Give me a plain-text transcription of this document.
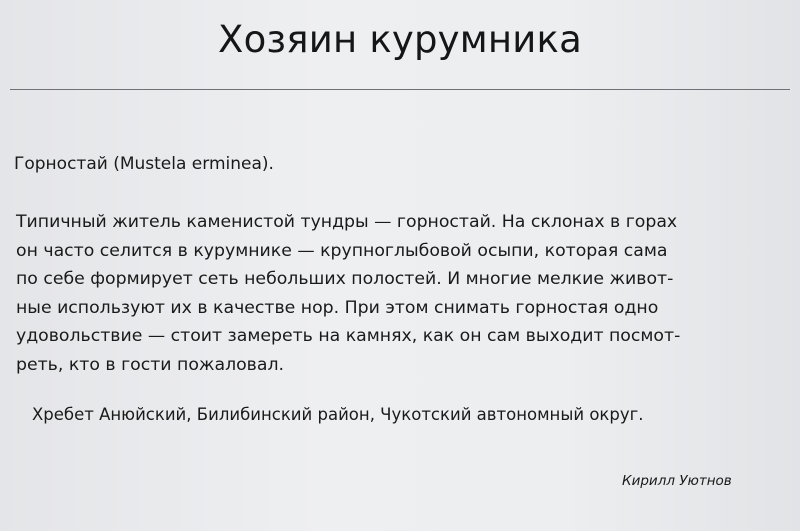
Хозяин курумника

Горностай (Mustela erminea).

Типичный житель каменистой тундры — горностай. На склонах в горах
он часто селится в курумнике — крупноглыбовой осыпи, которая сама
по себе формирует сеть небольших полостей. И многие мелкие живот-
ные используют их в качестве нор. При этом снимать горностая одно
удовольствие — стоит замереть на камнях, как он сам выходит посмот-
реть, кто в гости пожаловал.

Хребет Анюйский, Билибинский район, Чукотский автономный округ.

Кирилл Уютнов
